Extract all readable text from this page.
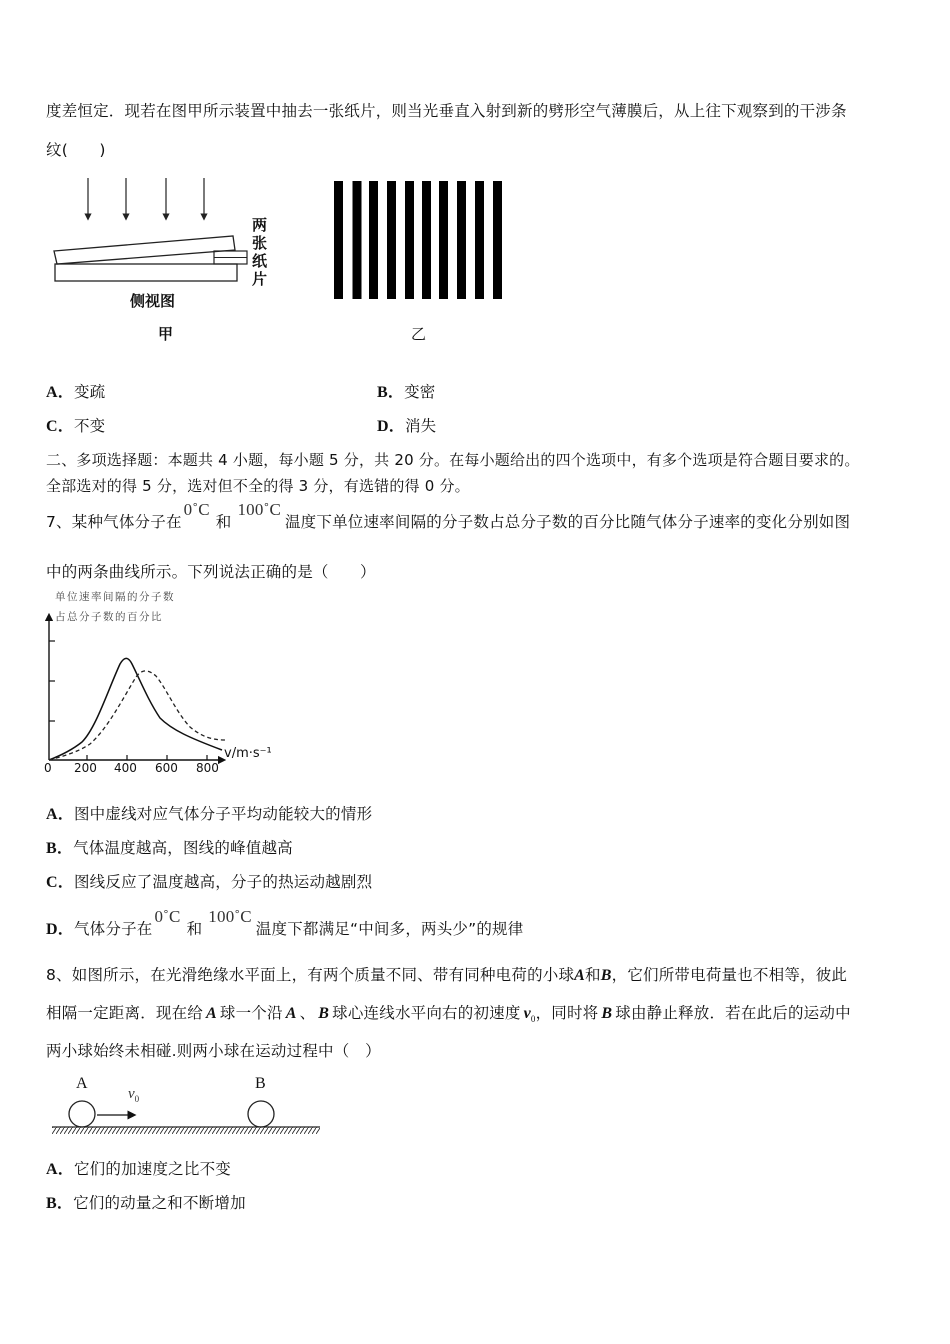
度差恒定．现若在图甲所示装置中抽去一张纸片，则当光垂直入射到新的劈形空气薄膜后，从上往下观察到的干涉条
纹(　　)
两
张
纸
片
侧视图
甲	乙
A．变疏	B．变密
C．不变	D．消失
二、多项选择题：本题共 4 小题，每小题 5 分，共 20 分。在每小题给出的四个选项中，有多个选项是符合题目要求的。
全部选对的得 5 分，选对但不全的得 3 分，有选错的得 0 分。
7、某种气体分子在0˚C和100˚C温度下单位速率间隔的分子数占总分子数的百分比随气体分子速率的变化分别如图
中的两条曲线所示。下列说法正确的是（　　）
单位速率间隔的分子数
占总分子数的百分比
0 200 400 600 800
v/m·s⁻¹
A．图中虚线对应气体分子平均动能较大的情形
B．气体温度越高，图线的峰值越高
C．图线反应了温度越高，分子的热运动越剧烈
D．气体分子在0˚C和100˚C温度下都满足“中间多，两头少”的规律
8、如图所示，在光滑绝缘水平面上，有两个质量不同、带有同种电荷的小球A和B，它们所带电荷量也不相等，彼此
相隔一定距离．现在给 A 球一个沿 A 、 B 球心连线水平向右的初速度 $v_0$，同时将 B 球由静止释放．若在此后的运动中
两小球始终未相碰.则两小球在运动过程中（　）
A	B
$v_0$
A．它们的加速度之比不变
B．它们的动量之和不断增加
